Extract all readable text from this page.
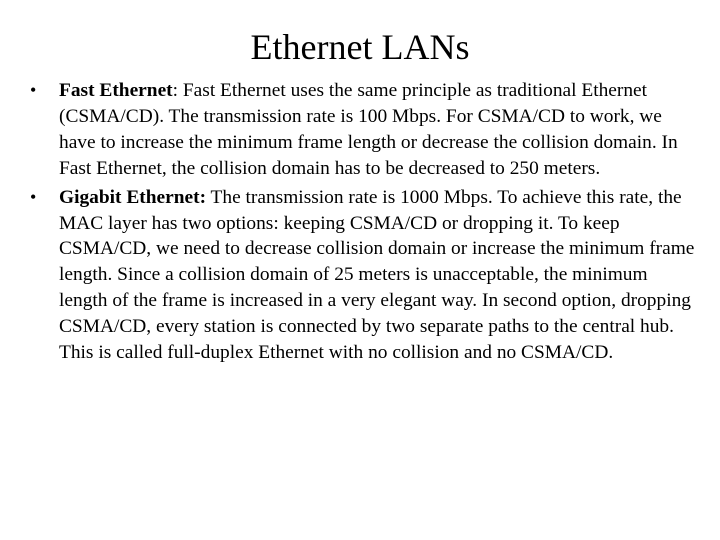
Ethernet LANs
•	Fast Ethernet: Fast Ethernet uses the same principle as traditional Ethernet (CSMA/CD). The transmission rate is 100 Mbps. For CSMA/CD to work, we have to increase the minimum frame length or decrease the collision domain. In Fast Ethernet, the collision domain has to be decreased to 250 meters.
•	Gigabit Ethernet: The transmission rate is 1000 Mbps. To achieve this rate, the MAC layer has two options: keeping CSMA/CD or dropping it. To keep CSMA/CD, we need to decrease collision domain or increase the minimum frame length. Since a collision domain of 25 meters is unacceptable, the minimum length of the frame is increased in a very elegant way. In second option, dropping CSMA/CD, every station is connected by two separate paths to the central hub. This is called full-duplex Ethernet with no collision and no CSMA/CD.
